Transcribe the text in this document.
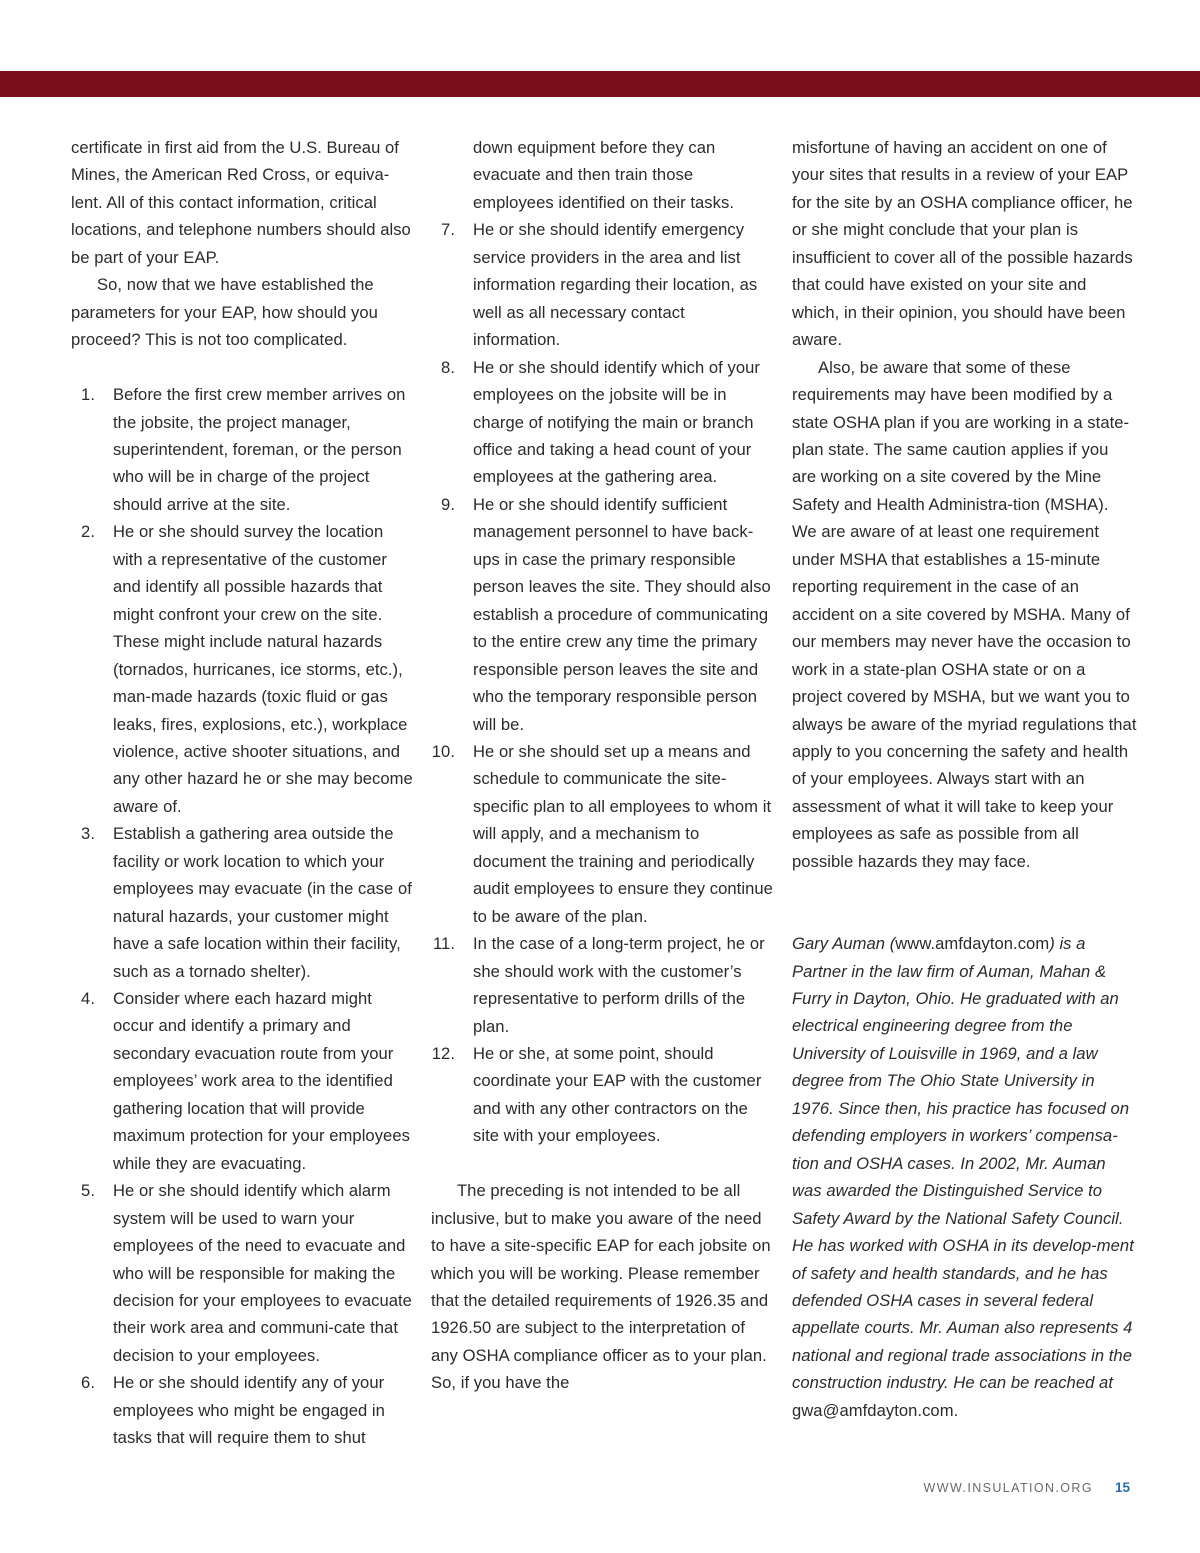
certificate in first aid from the U.S. Bureau of Mines, the American Red Cross, or equiva-lent. All of this contact information, critical locations, and telephone numbers should also be part of your EAP.

So, now that we have established the parameters for your EAP, how should you proceed? This is not too complicated.

1. Before the first crew member arrives on the jobsite, the project manager, superintendent, foreman, or the person who will be in charge of the project should arrive at the site.
2. He or she should survey the location with a representative of the customer and identify all possible hazards that might confront your crew on the site. These might include natural hazards (tornados, hurricanes, ice storms, etc.), man-made hazards (toxic fluid or gas leaks, fires, explosions, etc.), workplace violence, active shooter situations, and any other hazard he or she may become aware of.
3. Establish a gathering area outside the facility or work location to which your employees may evacuate (in the case of natural hazards, your customer might have a safe location within their facility, such as a tornado shelter).
4. Consider where each hazard might occur and identify a primary and secondary evacuation route from your employees’ work area to the identified gathering location that will provide maximum protection for your employees while they are evacuating.
5. He or she should identify which alarm system will be used to warn your employees of the need to evacuate and who will be responsible for making the decision for your employees to evacuate their work area and communi-cate that decision to your employees.
6. He or she should identify any of your employees who might be engaged in tasks that will require them to shut

down equipment before they can evacuate and then train those employees identified on their tasks.

7. He or she should identify emergency service providers in the area and list information regarding their location, as well as all necessary contact information.
8. He or she should identify which of your employees on the jobsite will be in charge of notifying the main or branch office and taking a head count of your employees at the gathering area.
9. He or she should identify sufficient management personnel to have back-ups in case the primary responsible person leaves the site. They should also establish a procedure of communicating to the entire crew any time the primary responsible person leaves the site and who the temporary responsible person will be.
10. He or she should set up a means and schedule to communicate the site-specific plan to all employees to whom it will apply, and a mechanism to document the training and periodically audit employees to ensure they continue to be aware of the plan.
11. In the case of a long-term project, he or she should work with the customer’s representative to perform drills of the plan.
12. He or she, at some point, should coordinate your EAP with the customer and with any other contractors on the site with your employees.

The preceding is not intended to be all inclusive, but to make you aware of the need to have a site-specific EAP for each jobsite on which you will be working. Please remember that the detailed requirements of 1926.35 and 1926.50 are subject to the interpretation of any OSHA compliance officer as to your plan. So, if you have the

misfortune of having an accident on one of your sites that results in a review of your EAP for the site by an OSHA compliance officer, he or she might conclude that your plan is insufficient to cover all of the possible hazards that could have existed on your site and which, in their opinion, you should have been aware.

Also, be aware that some of these requirements may have been modified by a state OSHA plan if you are working in a state-plan state. The same caution applies if you are working on a site covered by the Mine Safety and Health Administra-tion (MSHA). We are aware of at least one requirement under MSHA that establishes a 15-minute reporting requirement in the case of an accident on a site covered by MSHA. Many of our members may never have the occasion to work in a state-plan OSHA state or on a project covered by MSHA, but we want you to always be aware of the myriad regulations that apply to you concerning the safety and health of your employees. Always start with an assessment of what it will take to keep your employees as safe as possible from all possible hazards they may face.

Gary Auman (www.amfdayton.com) is a Partner in the law firm of Auman, Mahan & Furry in Dayton, Ohio. He graduated with an electrical engineering degree from the University of Louisville in 1969, and a law degree from The Ohio State University in 1976. Since then, his practice has focused on defending employers in workers’ compensa-tion and OSHA cases. In 2002, Mr. Auman was awarded the Distinguished Service to Safety Award by the National Safety Council. He has worked with OSHA in its develop-ment of safety and health standards, and he has defended OSHA cases in several federal appellate courts. Mr. Auman also represents 4 national and regional trade associations in the construction industry. He can be reached at gwa@amfdayton.com.

WWW.INSULATION.ORG 15
